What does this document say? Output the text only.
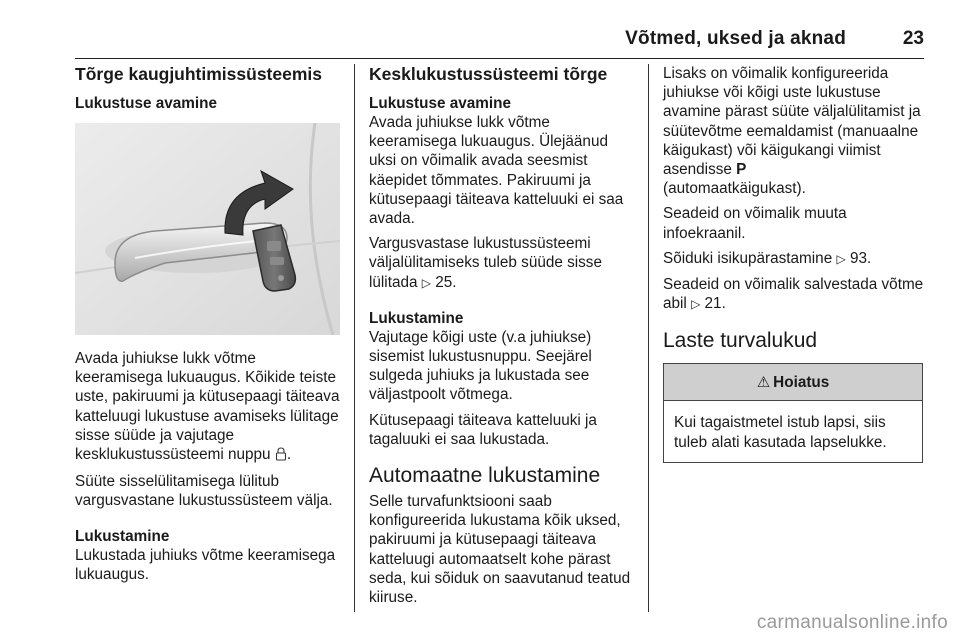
Võtmed, uksed ja aknad	23
Tõrge kaugjuhtimissüsteemis
Lukustuse avamine

Avada juhiukse lukk võtme keeramisega lukuaugus. Kõikide teiste uste, pakiruumi ja kütusepaagi täiteava katteluugi lukustuse avamiseks lülitage sisse süüde ja vajutage kesklukustussüsteemi nuppu .

Süüte sisselülitamisega lülitub vargusvastane lukustussüsteem välja.

Lukustamine

Lukustada juhiuks võtme keeramisega lukuaugus.

Kesklukustussüsteemi tõrge
Lukustuse avamine

Avada juhiukse lukk võtme keeramisega lukuaugus. Ülejäänud uksi on võimalik avada seesmist käepidet tõmmates. Pakiruumi ja kütusepaagi täiteava katteluuki ei saa avada.

Vargusvastase lukustussüsteemi väljalülitamiseks tuleb süüde sisse lülitada ▷ 25.

Lukustamine

Vajutage kõigi uste (v.a juhiukse) sisemist lukustusnuppu. Seejärel sulgeda juhiuks ja lukustada see väljastpoolt võtmega.

Kütusepaagi täiteava katteluuki ja tagaluuki ei saa lukustada.

Automaatne lukustamine

Selle turvafunktsiooni saab konfigureerida lukustama kõik uksed, pakiruumi ja kütusepaagi täiteava katteluugi automaatselt kohe pärast seda, kui sõiduk on saavutanud teatud kiiruse.

Lisaks on võimalik konfigureerida juhiukse või kõigi uste lukustuse avamine pärast süüte väljalülitamist ja süütevõtme eemaldamist (manuaalne käigukast) või käigukangi viimist asendisse P
(automaatkäigukast).

Seadeid on võimalik muuta infoekraanil.

Sõiduki isikupärastamine ▷ 93.

Seadeid on võimalik salvestada võtme abil ▷ 21.

Laste turvalukud
⚠ Hoiatus
Kui tagaistmetel istub lapsi, siis tuleb alati kasutada lapselukke.
carmanualsonline.info
